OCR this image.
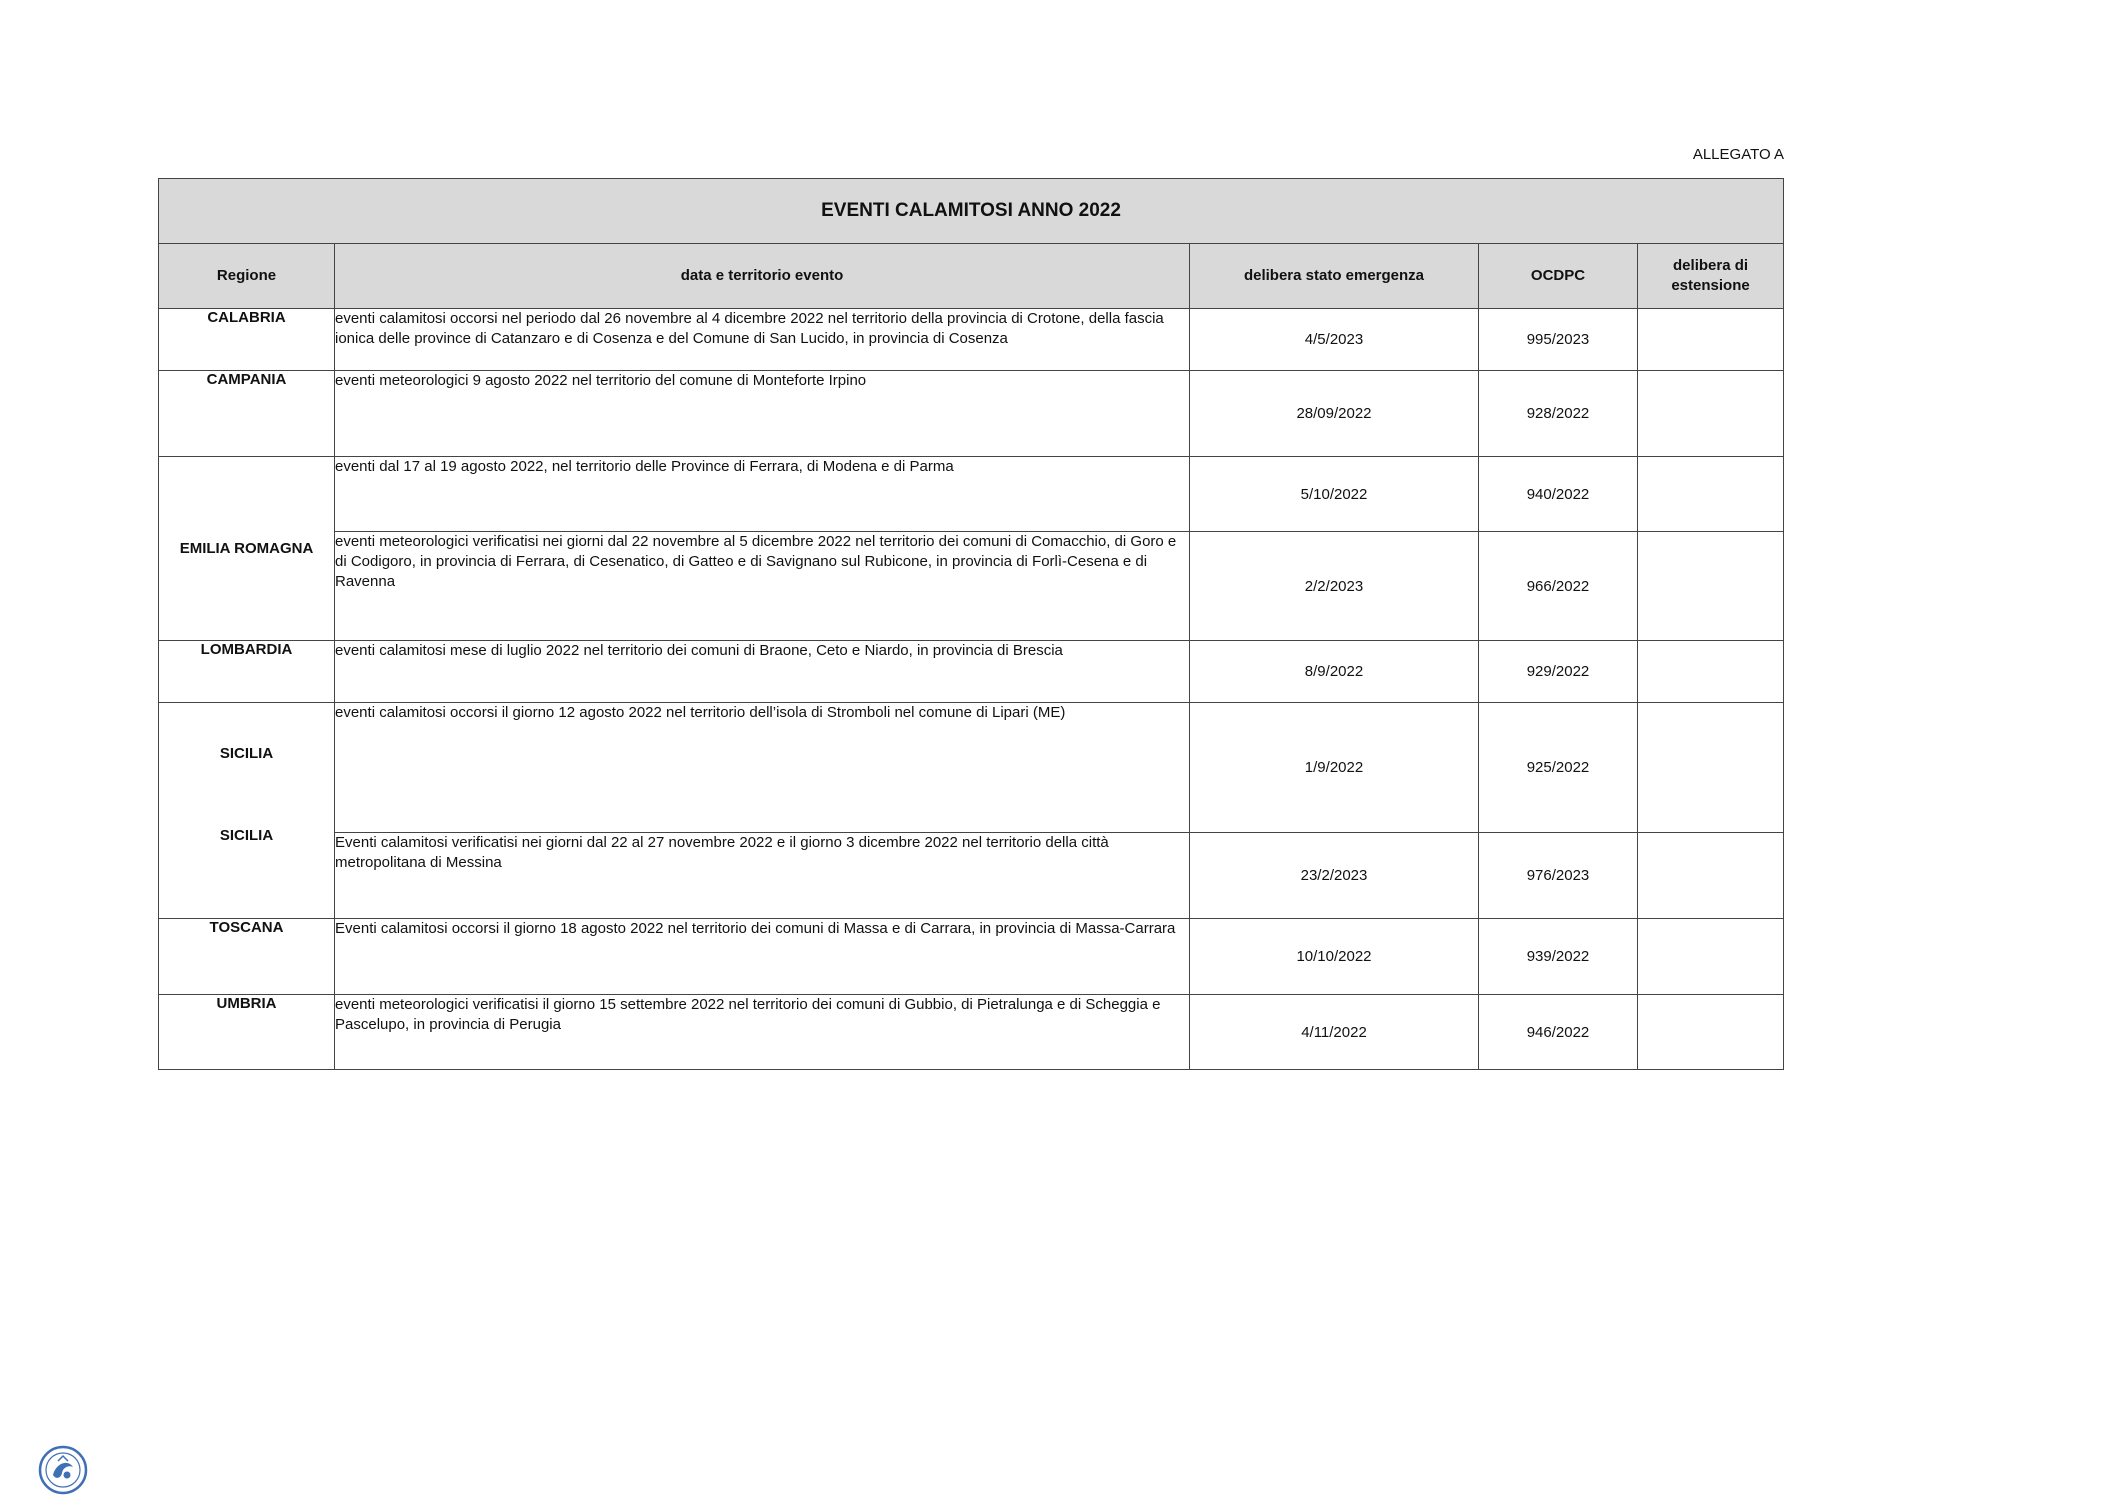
ALLEGATO A
EVENTI CALAMITOSI ANNO 2022				
Regione	data e territorio evento	delibera stato emergenza	OCDPC	delibera di estensione
CALABRIA	eventi calamitosi occorsi nel periodo dal 26 novembre al 4 dicembre 2022 nel territorio della provincia di Crotone, della fascia ionica delle province di Catanzaro e di Cosenza e del Comune di San Lucido, in provincia di Cosenza	4/5/2023	995/2023	
CAMPANIA	eventi meteorologici 9 agosto 2022 nel territorio del comune di Monteforte Irpino	28/09/2022	928/2022	
EMILIA ROMAGNA	eventi dal 17 al 19 agosto 2022, nel territorio delle Province di Ferrara, di Modena e di Parma	5/10/2022	940/2022	
	eventi meteorologici verificatisi nei giorni dal 22 novembre al 5 dicembre 2022 nel territorio dei comuni di Comacchio, di Goro e di Codigoro, in provincia di Ferrara, di Cesenatico, di Gatteo e di Savignano sul Rubicone, in provincia di Forlì-Cesena e di Ravenna	2/2/2023	966/2022	
LOMBARDIA	eventi calamitosi mese di luglio 2022 nel territorio dei comuni di Braone, Ceto e Niardo, in provincia di Brescia	8/9/2022	929/2022	

SICILIA
SICILIA	eventi calamitosi occorsi il giorno 12 agosto 2022 nel territorio dell’isola di Stromboli nel comune di Lipari (ME)	1/9/2022	925/2022	
	Eventi calamitosi verificatisi nei giorni dal 22 al 27 novembre 2022 e il giorno 3 dicembre 2022 nel territorio della città metropolitana di Messina	23/2/2023	976/2023	
TOSCANA	Eventi calamitosi occorsi il giorno 18 agosto 2022 nel territorio dei comuni di Massa e di Carrara, in provincia di Massa-Carrara	10/10/2022	939/2022	
UMBRIA	eventi meteorologici verificatisi il giorno 15 settembre 2022 nel territorio dei comuni di Gubbio, di Pietralunga e di Scheggia e Pascelupo, in provincia di Perugia	4/11/2022	946/2022	
